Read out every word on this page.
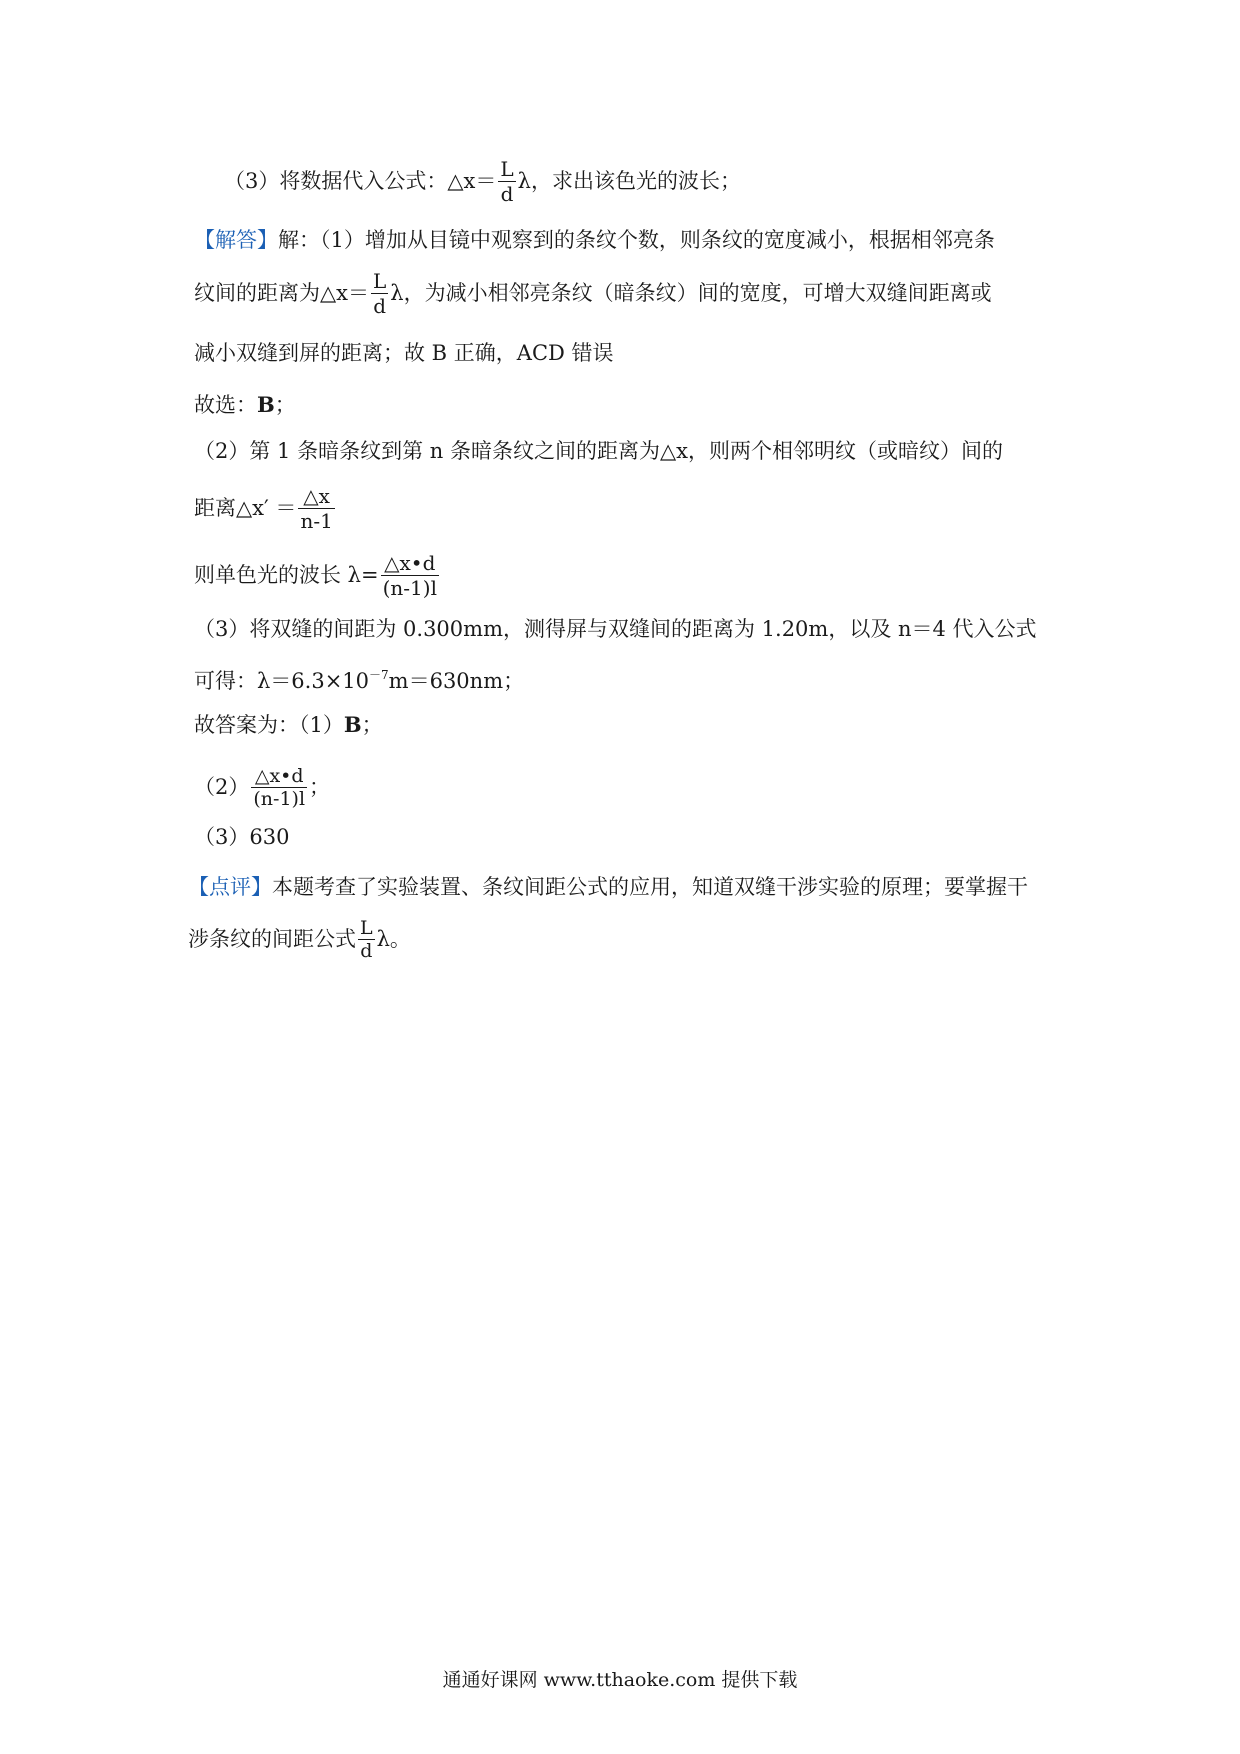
（3）将数据代入公式：△x＝ $\frac{L}{d}$ λ，求出该色光的波长；
【解答】解：（1）增加从目镜中观察到的条纹个数，则条纹的宽度减小，根据相邻亮条
纹间的距离为△x＝ $\frac{L}{d}$ λ，为减小相邻亮条纹（暗条纹）间的宽度，可增大双缝间距离或
减小双缝到屏的距离；故 B 正确，ACD 错误
故选：B；
（2）第 1 条暗条纹到第 n 条暗条纹之间的距离为△x，则两个相邻明纹（或暗纹）间的
距离△x′ ＝ $\frac{\triangle x}{n-1}$
则单色光的波长 $\lambda= \frac{\triangle x•d}{(n-1)l}$
（3）将双缝的间距为 0.300mm，测得屏与双缝间的距离为 1.20m，以及 n＝4 代入公式
可得：$\lambda=6.3\times 10^{-7}m=630nm$；
故答案为：（1）B；
$(2) \frac{\triangle x•d}{(n-1)l}$ ；
（3）630
【点评】本题考查了实验装置、条纹间距公式的应用，知道双缝干涉实验的原理；要掌握干
涉条纹的间距公式 $\frac{L}{d}$ λ。
通通好课网 www.tthaoke.com 提供下载
